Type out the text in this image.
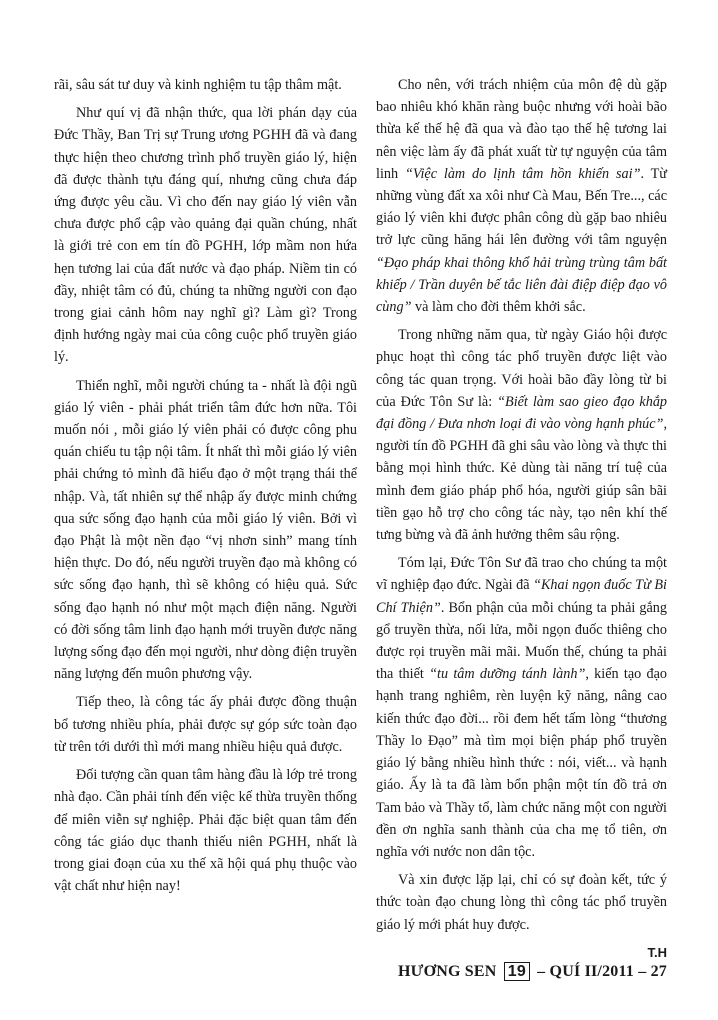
rãi, sâu sát tư duy và kinh nghiệm tu tập thâm mật.

Như quí vị đã nhận thức, qua lời phán dạy của Đức Thầy, Ban Trị sự Trung ương PGHH đã và đang thực hiện theo chương trình phổ truyền giáo lý, hiện đã được thành tựu đáng quí, nhưng cũng chưa đáp ứng được yêu cầu. Vì cho đến nay giáo lý viên vẫn chưa được phổ cập vào quảng đại quần chúng, nhất là giới trẻ con em tín đồ PGHH, lớp mầm non hứa hẹn tương lai của đất nước và đạo pháp. Niềm tin có đầy, nhiệt tâm có đủ, chúng ta những người con đạo trong giai cảnh hôm nay nghĩ gì? Làm gì? Trong định hướng ngày mai của công cuộc phổ truyền giáo lý.

Thiển nghĩ, mỗi người chúng ta - nhất là đội ngũ giáo lý viên - phải phát triển tâm đức hơn nữa. Tôi muốn nói , mỗi giáo lý viên phải có được công phu quán chiếu tu tập nội tâm. Ít nhất thì mỗi giáo lý viên phải chứng tỏ mình đã hiểu đạo ở một trạng thái thể nhập. Và, tất nhiên sự thể nhập ấy được minh chứng qua sức sống đạo hạnh của mỗi giáo lý viên. Bởi vì đạo Phật là một nền đạo “vị nhơn sinh” mang tính hiện thực. Do đó, nếu người truyền đạo mà không có sức sống đạo hạnh, thì sẽ không có hiệu quả. Sức sống đạo hạnh nó như một mạch điện năng. Người có đời sống tâm linh đạo hạnh mới truyền được năng lượng sống đạo đến mọi người, như dòng điện truyền năng lượng đến muôn phương vậy.

Tiếp theo, là công tác ấy phải được đồng thuận bổ tương nhiều phía, phải được sự góp sức toàn đạo từ trên tới dưới thì mới mang nhiều hiệu quả được.

Đối tượng cần quan tâm hàng đầu là lớp trẻ trong nhà đạo. Cần phải tính đến việc kế thừa truyền thống để miên viễn sự nghiệp. Phải đặc biệt quan tâm đến công tác giáo dục thanh thiếu niên PGHH, nhất là trong giai đoạn của xu thế xã hội quá phụ thuộc vào vật chất như hiện nay!

Cho nên, với trách nhiệm của môn đệ dù gặp bao nhiêu khó khăn ràng buộc nhưng với hoài bão thừa kế thế hệ đã qua và đào tạo thế hệ tương lai nên việc làm ấy đã phát xuất từ tự nguyện của tâm linh “Việc làm do lịnh tâm hồn khiến sai”. Từ những vùng đất xa xôi như Cà Mau, Bến Tre..., các giáo lý viên khi được phân công dù gặp bao nhiêu trở lực cũng hăng hái lên đường với tâm nguyện “Đạo pháp khai thông khổ hải trùng trùng tâm bất khiếp / Trần duyên bế tắc liên đài điệp điệp đạo vô cùng” và làm cho đời thêm khởi sắc.

Trong những năm qua, từ ngày Giáo hội được phục hoạt thì công tác phổ truyền được liệt vào công tác quan trọng. Với hoài bão đầy lòng từ bi của Đức Tôn Sư là: “Biết làm sao gieo đạo khắp đại đồng / Đưa nhơn loại đi vào vòng hạnh phúc”, người tín đồ PGHH đã ghi sâu vào lòng và thực thi bằng mọi hình thức. Kẻ dùng tài năng trí tuệ của mình đem giáo pháp phổ hóa, người giúp sân bãi tiền gạo hỗ trợ cho công tác này, tạo nên khí thế tưng bừng và đã ảnh hưởng thêm sâu rộng.

Tóm lại, Đức Tôn Sư đã trao cho chúng ta một vĩ nghiệp đạo đức. Ngài đã “Khai ngọn đuốc Từ Bi Chí Thiện”. Bổn phận của mỗi chúng ta phải gắng gổ truyền thừa, nối lửa, mỗi ngọn đuốc thiêng cho được rọi truyền mãi mãi. Muốn thế, chúng ta phải tha thiết “tu tâm dưỡng tánh lành”, kiến tạo đạo hạnh trang nghiêm, rèn luyện kỹ năng, nâng cao kiến thức đạo đời... rồi đem hết tấm lòng “thương Thầy lo Đạo” mà tìm mọi biện pháp phổ truyền giáo lý bằng nhiều hình thức : nói, viết... và hạnh giáo. Ấy là ta đã làm bổn phận một tín đồ trả ơn Tam bảo và Thầy tổ, làm chức năng một con người đền ơn nghĩa sanh thành của cha mẹ tổ tiên, ơn nghĩa với nước non dân tộc.

Và xin được lặp lại, chỉ có sự đoàn kết, tức ý thức toàn đạo chung lòng thì công tác phổ truyền giáo lý mới phát huy được.

T.H
HƯƠNG SEN 19 – QUÍ II/2011 – 27
